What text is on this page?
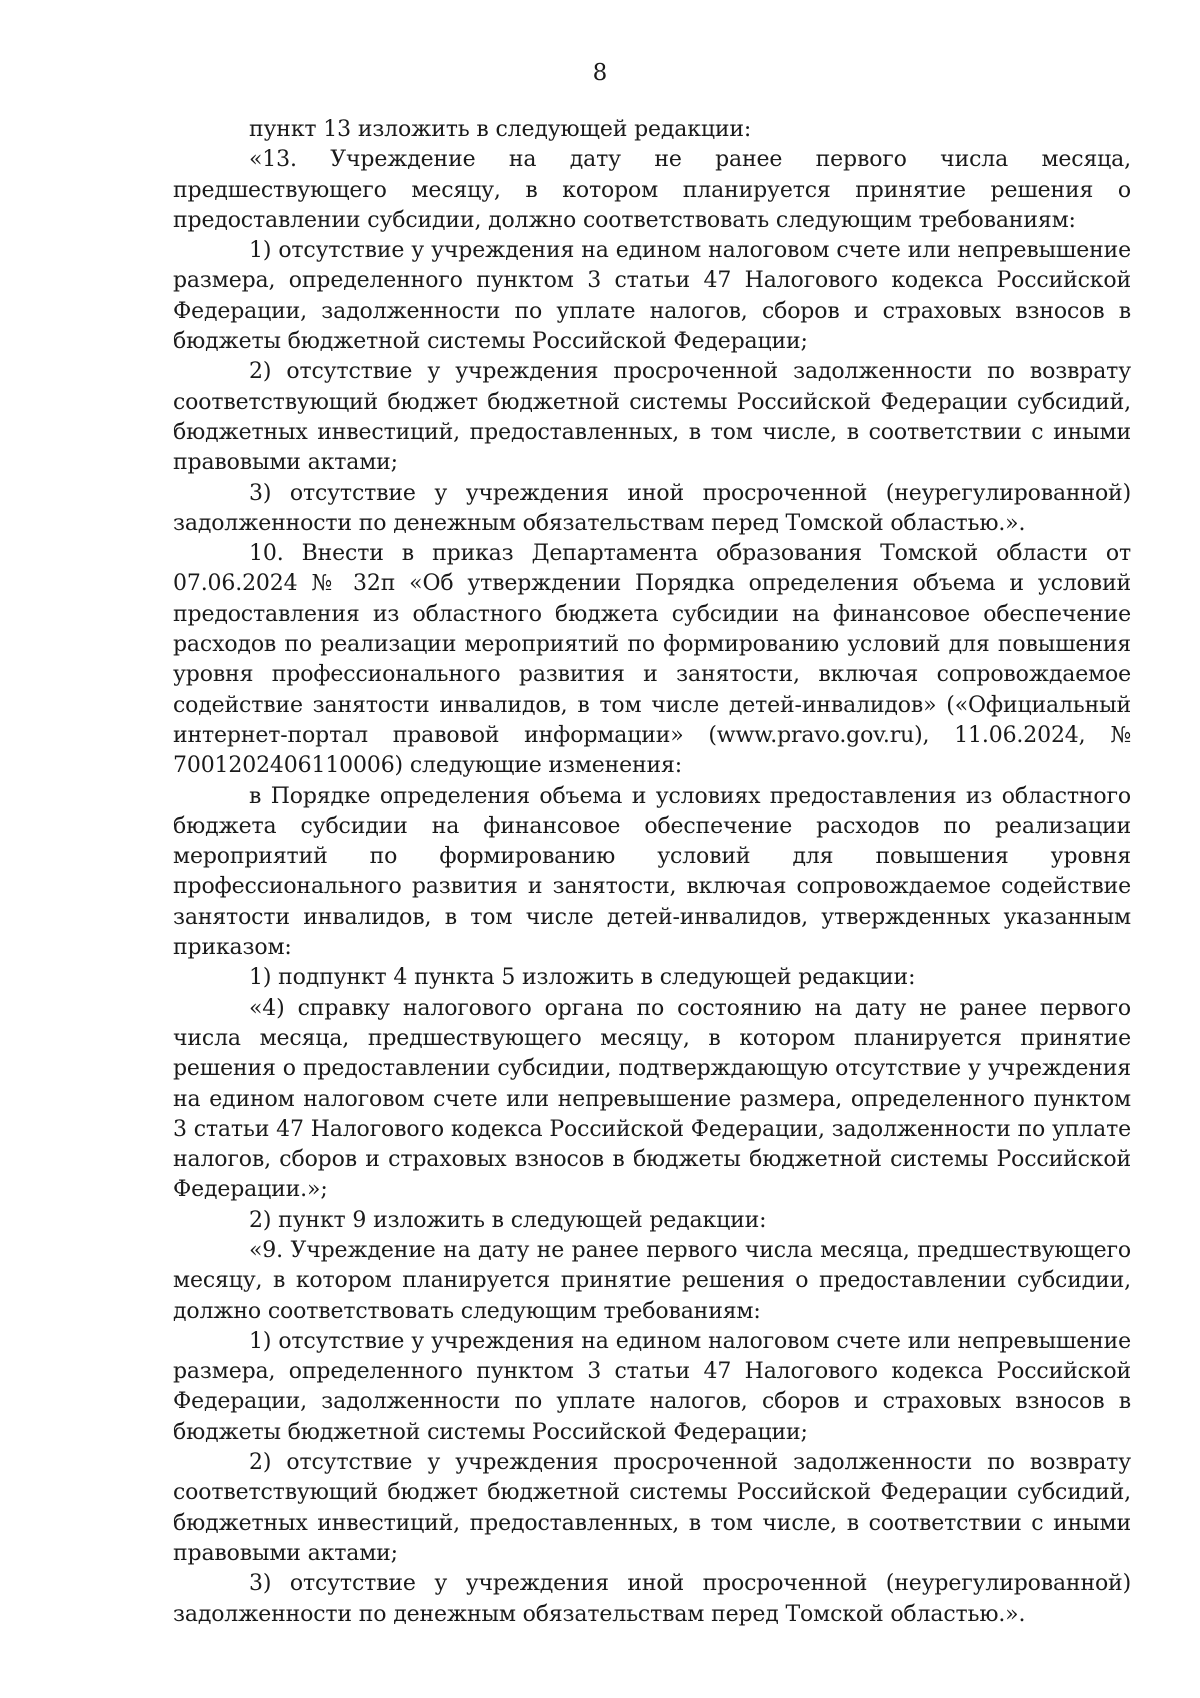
8

пункт 13 изложить в следующей редакции:

«13. Учреждение на дату не ранее первого числа месяца, предшествующего месяцу, в котором планируется принятие решения о предоставлении субсидии, должно соответствовать следующим требованиям:

1) отсутствие у учреждения на едином налоговом счете или непревышение размера, определенного пунктом 3 статьи 47 Налогового кодекса Российской Федерации, задолженности по уплате налогов, сборов и страховых взносов в бюджеты бюджетной системы Российской Федерации;

2) отсутствие у учреждения просроченной задолженности по возврату соответствующий бюджет бюджетной системы Российской Федерации субсидий, бюджетных инвестиций, предоставленных, в том числе, в соответствии с иными правовыми актами;

3) отсутствие у учреждения иной просроченной (неурегулированной) задолженности по денежным обязательствам перед Томской областью.».

10. Внести в приказ Департамента образования Томской области от 07.06.2024 № 32п «Об утверждении Порядка определения объема и условий предоставления из областного бюджета субсидии на финансовое обеспечение расходов по реализации мероприятий по формированию условий для повышения уровня профессионального развития и занятости, включая сопровождаемое содействие занятости инвалидов, в том числе детей-инвалидов» («Официальный интернет-портал правовой информации» (www.pravo.gov.ru), 11.06.2024, № 7001202406110006) следующие изменения:

в Порядке определения объема и условиях предоставления из областного бюджета субсидии на финансовое обеспечение расходов по реализации мероприятий по формированию условий для повышения уровня профессионального развития и занятости, включая сопровождаемое содействие занятости инвалидов, в том числе детей-инвалидов, утвержденных указанным приказом:

1) подпункт 4 пункта 5 изложить в следующей редакции:

«4) справку налогового органа по состоянию на дату не ранее первого числа месяца, предшествующего месяцу, в котором планируется принятие решения о предоставлении субсидии, подтверждающую отсутствие у учреждения на едином налоговом счете или непревышение размера, определенного пунктом 3 статьи 47 Налогового кодекса Российской Федерации, задолженности по уплате налогов, сборов и страховых взносов в бюджеты бюджетной системы Российской Федерации.»;

2) пункт 9 изложить в следующей редакции:

«9. Учреждение на дату не ранее первого числа месяца, предшествующего месяцу, в котором планируется принятие решения о предоставлении субсидии, должно соответствовать следующим требованиям:

1) отсутствие у учреждения на едином налоговом счете или непревышение размера, определенного пунктом 3 статьи 47 Налогового кодекса Российской Федерации, задолженности по уплате налогов, сборов и страховых взносов в бюджеты бюджетной системы Российской Федерации;

2) отсутствие у учреждения просроченной задолженности по возврату соответствующий бюджет бюджетной системы Российской Федерации субсидий, бюджетных инвестиций, предоставленных, в том числе, в соответствии с иными правовыми актами;

3) отсутствие у учреждения иной просроченной (неурегулированной) задолженности по денежным обязательствам перед Томской областью.».
